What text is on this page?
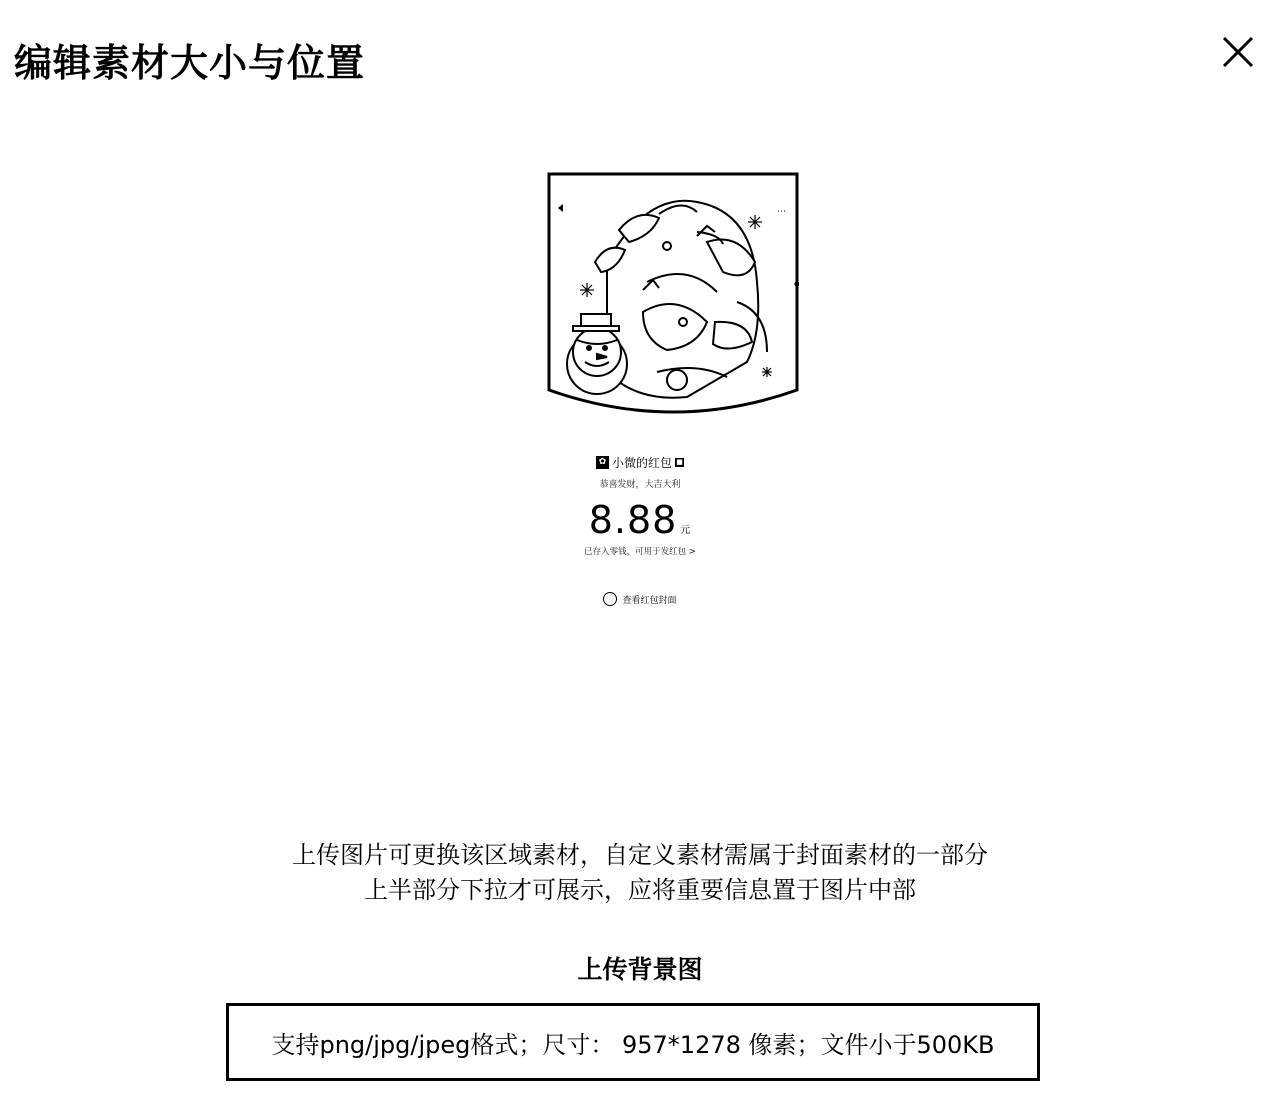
编辑素材大小与位置
⋯
✿ 小微的红包 ■
恭喜发财，大吉大利
8.88 元
已存入零钱，可用于发红包 >
查看红包封面
上传图片可更换该区域素材，自定义素材需属于封面素材的一部分
上半部分下拉才可展示，应将重要信息置于图片中部
上传背景图
支持png/jpg/jpeg格式；尺寸： 957*1278 像素；文件小于500KB
